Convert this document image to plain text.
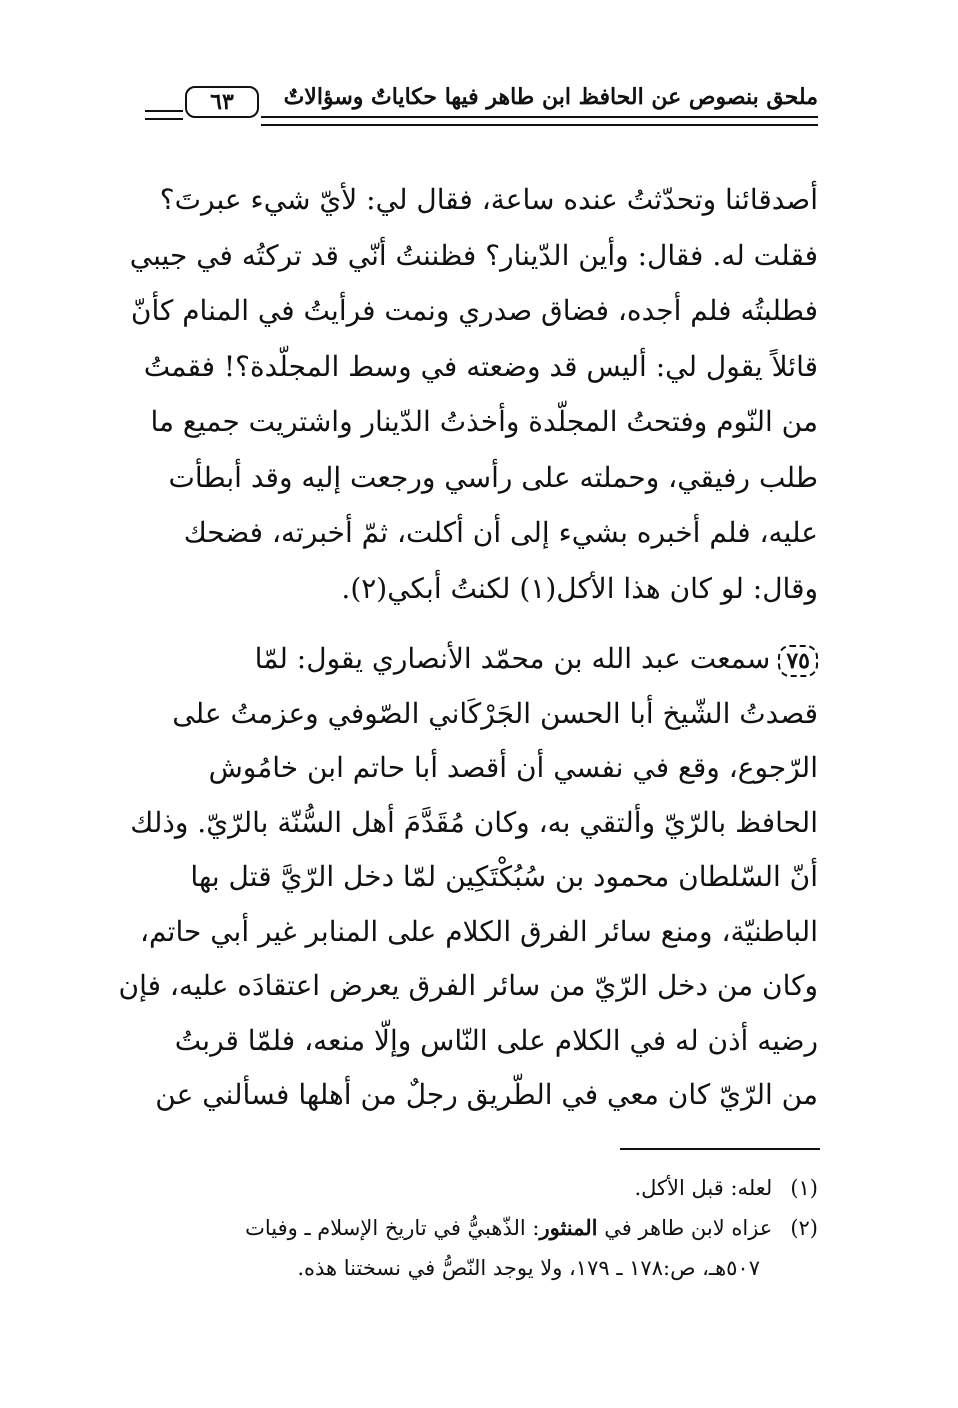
ملحق بنصوص عن الحافظ ابن طاهر فيها حكاياتٌ وسؤالاتٌ
٦٣

أصدقائنا وتحدّثتُ عنده ساعة، فقال لي: لأيّ شيء عبرتَ؟

فقلت له. فقال: وأين الدّينار؟ فظننتُ أنّي قد تركتُه في جيبي

فطلبتُه فلم أجده، فضاق صدري ونمت فرأيتُ في المنام كأنّ

قائلاً يقول لي: أليس قد وضعته في وسط المجلّدة؟! فقمتُ

من النّوم وفتحتُ المجلّدة وأخذتُ الدّينار واشتريت جميع ما

طلب رفيقي، وحملته على رأسي ورجعت إليه وقد أبطأت

عليه، فلم أخبره بشيء إلى أن أكلت، ثمّ أخبرته، فضحك

وقال: لو كان هذا الأكل(١) لكنتُ أبكي(٢).

٧٥سمعت عبد الله بن محمّد الأنصاري يقول: لمّا

قصدتُ الشّيخ أبا الحسن الجَرْكَاني الصّوفي وعزمتُ على

الرّجوع، وقع في نفسي أن أقصد أبا حاتم ابن خامُوش

الحافظ بالرّيّ وألتقي به، وكان مُقَدَّمَ أهل السُّنّة بالرّيّ. وذلك

أنّ السّلطان محمود بن سُبُكْتَكِين لمّا دخل الرّيَّ قتل بها

الباطنيّة، ومنع سائر الفرق الكلام على المنابر غير أبي حاتم،

وكان من دخل الرّيّ من سائر الفرق يعرض اعتقادَه عليه، فإن

رضيه أذن له في الكلام على النّاس وإلّا منعه، فلمّا قربتُ

من الرّيّ كان معي في الطّريق رجلٌ من أهلها فسألني عن

(١)لعله: قبل الأكل.

(٢)عزاه لابن طاهر في المنثور: الذّهبيُّ في تاريخ الإسلام ـ وفيات

٥٠٧هـ، ص:١٧٨ ـ ١٧٩، ولا يوجد النّصُّ في نسختنا هذه.
